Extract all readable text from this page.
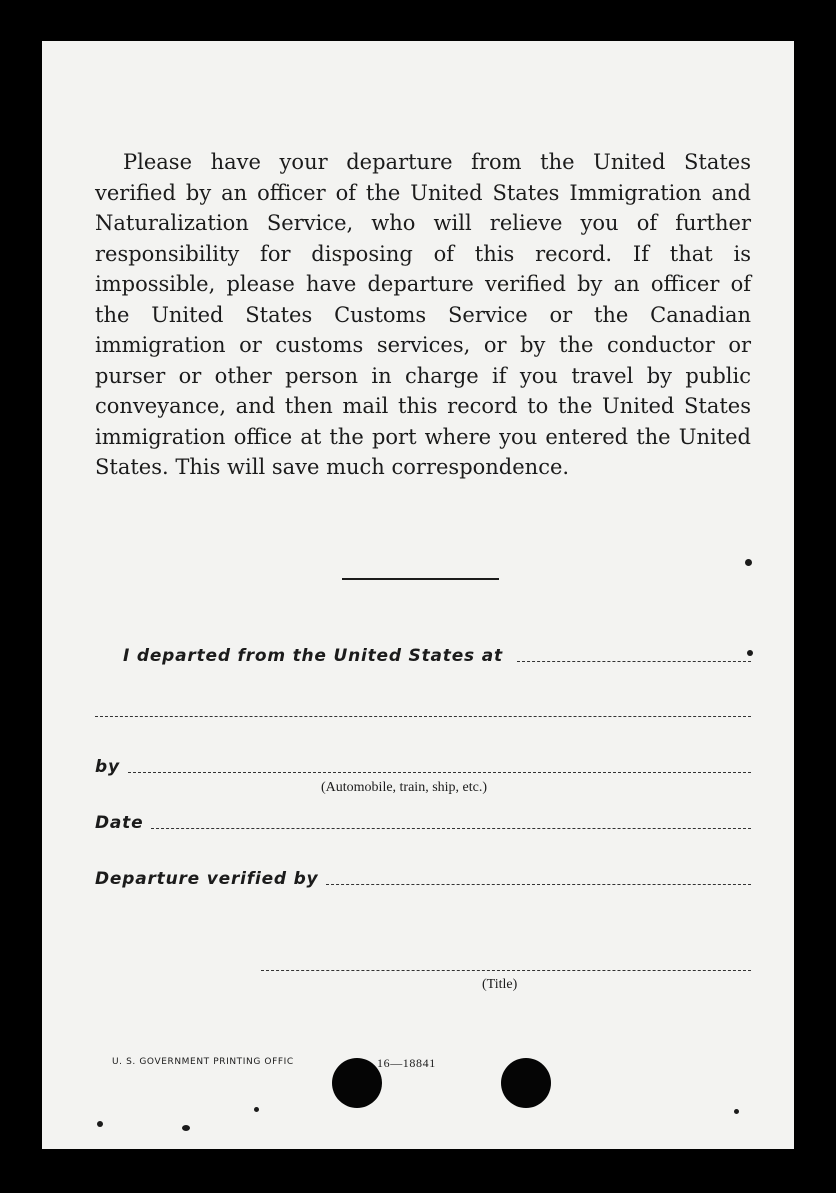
Please have your departure from the United States verified by an officer of the United States Immigration and Naturalization Service, who will relieve you of further responsibility for disposing of this record. If that is impossible, please have departure verified by an officer of the United States Customs Service or the Canadian immigration or customs services, or by the conductor or purser or other person in charge if you travel by public conveyance, and then mail this record to the United States immigration office at the port where you entered the United States. This will save much correspondence.

I departed from the United States at
by
(Automobile, train, ship, etc.)
Date
Departure verified by
(Title)
U. S. GOVERNMENT PRINTING OFFIC	16—18841
